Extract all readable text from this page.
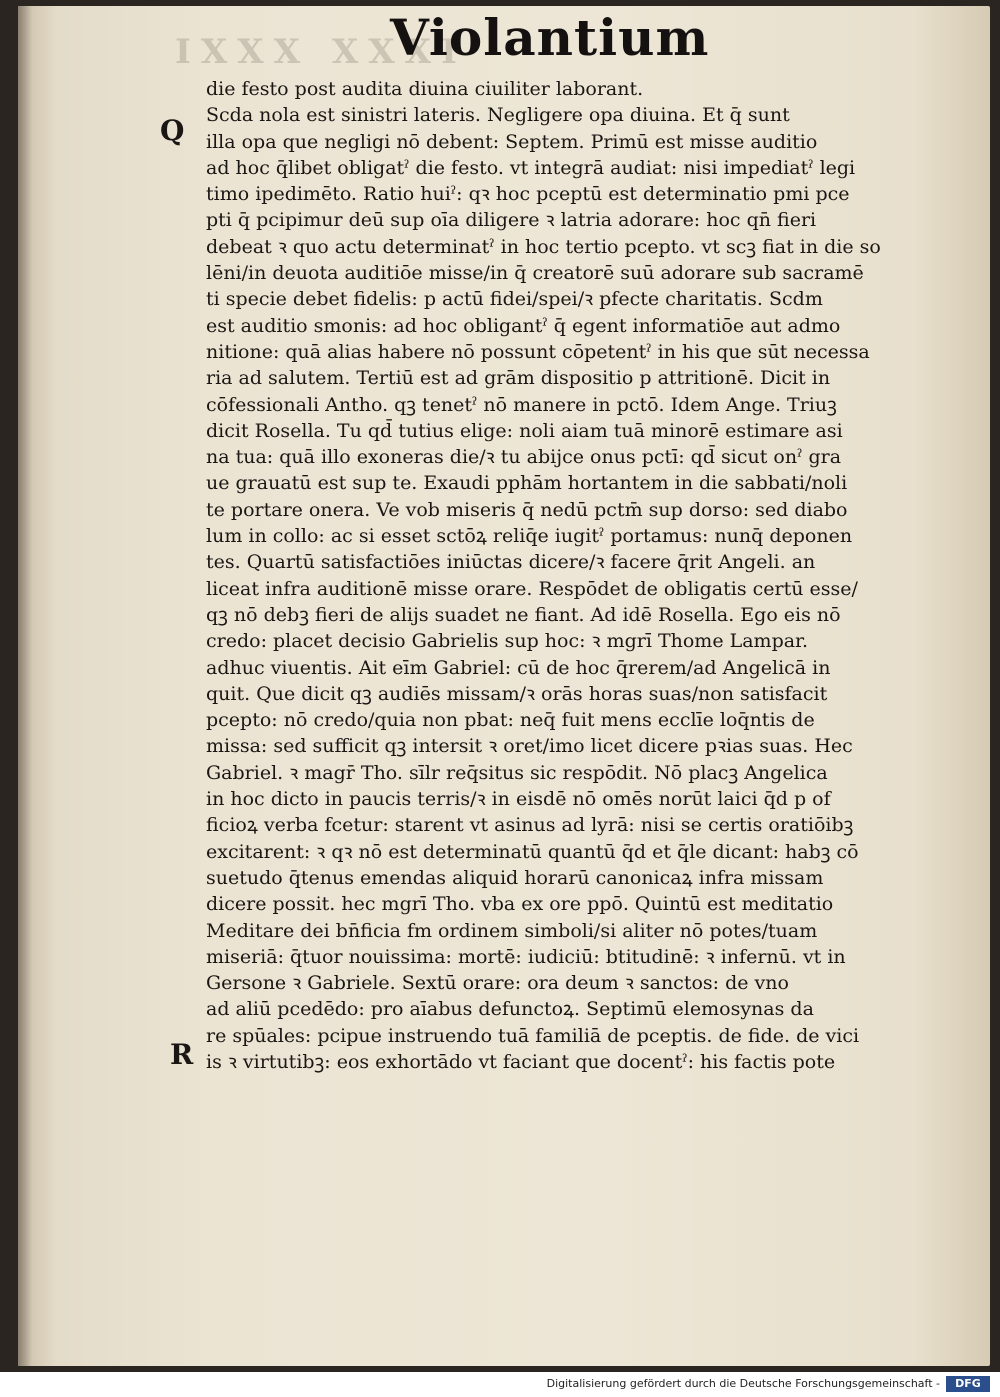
IXXX XXXI
Violantium
Q
R
die festo post audita diuina ciuiliter laborant.
Scda nola est sinistri lateris. Negligere opa diuina. Et q̄ sunt
illa opa que negligi nō debent: Septem. Primū est misse auditio
ad hoc q̄libet obligatˀ die festo. vt integrā audiat: nisi impediatˀ legi
timo ipedimēto. Ratio huiˀ: qꝛ hoc pceptū est determinatio pmi pce
pti q̄ pcipimur deū sup oīa diligere ꝛ latria adorare: hoc qn̄ fieri
debeat ꝛ quo actu determinatˀ in hoc tertio pcepto. vt scꝫ fiat in die so
lēni/in deuota auditiōe misse/in q̄ creatorē suū adorare sub sacramē
ti specie debet fidelis: p actū fidei/spei/ꝛ pfecte charitatis. Scdm
est auditio smonis: ad hoc obligantˀ q̄ egent informatiōe aut admo
nitione: quā alias habere nō possunt cōpetentˀ in his que sūt necessa
ria ad salutem. Tertiū est ad grām dispositio p attritionē. Dicit in
cōfessionali Antho. qꝫ tenetˀ nō manere in pctō. Idem Ange. Triuꝫ
dicit Rosella. Tu qd̄ tutius elige: noli aiam tuā minorē estimare asi
na tua: quā illo exoneras die/ꝛ tu abijce onus pctī: qd̄ sicut onˀ gra
ue grauatū est sup te. Exaudi pphām hortantem in die sabbati/noli
te portare onera. Ve vob miseris q̄ nedū pctm̄ sup dorso: sed diabo
lum in collo: ac si esset sctōꝝ reliq̄e iugitˀ portamus: nunq̄ deponen
tes. Quartū satisfactiōes iniūctas dicere/ꝛ facere q̄rit Angeli. an
liceat infra auditionē misse orare. Respōdet de obligatis certū esse/
qꝫ nō debꝫ fieri de alijs suadet ne fiant. Ad idē Rosella. Ego eis nō
credo: placet decisio Gabrielis sup hoc: ꝛ mgrī Thome Lampar.
adhuc viuentis. Ait eīm Gabriel: cū de hoc q̄rerem/ad Angelicā in
quit. Que dicit qꝫ audiēs missam/ꝛ orās horas suas/non satisfacit
pcepto: nō credo/quia non pbat: neq̄ fuit mens ecclīe loq̄ntis de
missa: sed sufficit qꝫ intersit ꝛ oret/imo licet dicere pꝛias suas. Hec
Gabriel. ꝛ magr̄ Tho. sīlr req̄situs sic respōdit. Nō placꝫ Angelica
in hoc dicto in paucis terris/ꝛ in eisdē nō omēs norūt laici q̄d p of
ficioꝝ verba fcetur: starent vt asinus ad lyrā: nisi se certis oratiōibꝫ
excitarent: ꝛ qꝛ nō est determinatū quantū q̄d et q̄le dicant: habꝫ cō
suetudo q̄tenus emendas aliquid horarū canonicaꝝ infra missam
dicere possit. hec mgrī Tho. vba ex ore ppō. Quintū est meditatio
Meditare dei bn̄ficia fm ordinem simboli/si aliter nō potes/tuam
miseriā: q̄tuor nouissima: mortē: iudiciū: btitudinē: ꝛ infernū. vt in
Gersone ꝛ Gabriele. Sextū orare: ora deum ꝛ sanctos: de vno
ad aliū pcedēdo: pro aīabus defunctoꝝ. Septimū elemosynas da
re spūales: pcipue instruendo tuā familiā de pceptis. de fide. de vici
is ꝛ virtutibꝫ: eos exhortādo vt faciant que docentˀ: his factis pote
Digitalisierung gefördert durch die Deutsche Forschungsgemeinschaft -	DFG
